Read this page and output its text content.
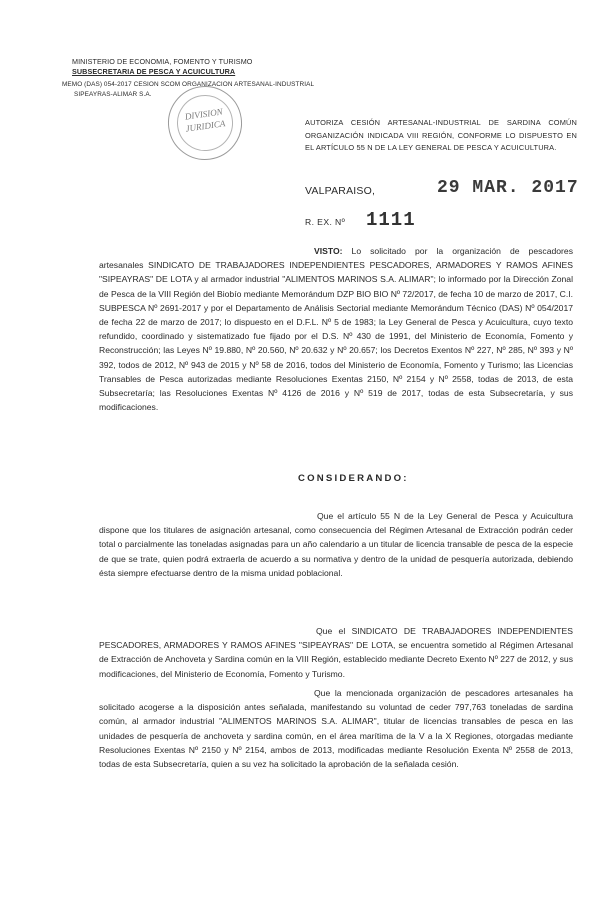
MINISTERIO DE ECONOMIA, FOMENTO Y TURISMO
SUBSECRETARIA DE PESCA Y ACUICULTURA
MEMO (DAS) 054-2017 CESION SCOM ORGANIZACION ARTESANAL-INDUSTRIAL
SIPEAYRAS-ALIMAR S.A.
DIVISION
JURIDICA	AUTORIZA CESIÓN ARTESANAL-INDUSTRIAL DE SARDINA COMÚN ORGANIZACIÓN INDICADA VIII REGIÓN, CONFORME LO DISPUESTO EN EL ARTÍCULO 55 N DE LA LEY GENERAL DE PESCA Y ACUICULTURA.
VALPARAISO,	29 MAR. 2017
R. EX. Nº 1111
VISTO: Lo solicitado por la organización de pescadores artesanales SINDICATO DE TRABAJADORES INDEPENDIENTES PESCADORES, ARMADORES Y RAMOS AFINES "SIPEAYRAS" DE LOTA y al armador industrial "ALIMENTOS MARINOS S.A. ALIMAR"; lo informado por la Dirección Zonal de Pesca de la VIII Región del Biobío mediante Memorándum DZP BIO BIO Nº 72/2017, de fecha 10 de marzo de 2017, C.I. SUBPESCA Nº 2691-2017 y por el Departamento de Análisis Sectorial mediante Memorándum Técnico (DAS) Nº 054/2017 de fecha 22 de marzo de 2017; lo dispuesto en el D.F.L. Nº 5 de 1983; la Ley General de Pesca y Acuicultura, cuyo texto refundido, coordinado y sistematizado fue fijado por el D.S. Nº 430 de 1991, del Ministerio de Economía, Fomento y Reconstrucción; las Leyes Nº 19.880, Nº 20.560, Nº 20.632 y Nº 20.657; los Decretos Exentos Nº 227, Nº 285, Nº 393 y Nº 392, todos de 2012, Nº 943 de 2015 y Nº 58 de 2016, todos del Ministerio de Economía, Fomento y Turismo; las Licencias Transables de Pesca autorizadas mediante Resoluciones Exentas 2150, Nº 2154 y Nº 2558, todas de 2013, de esta Subsecretaría; las Resoluciones Exentas Nº 4126 de 2016 y Nº 519 de 2017, todas de esta Subsecretaría, y sus modificaciones.
CONSIDERANDO:
Que el artículo 55 N de la Ley General de Pesca y Acuicultura dispone que los titulares de asignación artesanal, como consecuencia del Régimen Artesanal de Extracción podrán ceder total o parcialmente las toneladas asignadas para un año calendario a un titular de licencia transable de pesca de la especie de que se trate, quien podrá extraerla de acuerdo a su normativa y dentro de la unidad de pesquería autorizada, debiendo ésta siempre efectuarse dentro de la misma unidad poblacional.
Que el SINDICATO DE TRABAJADORES INDEPENDIENTES PESCADORES, ARMADORES Y RAMOS AFINES "SIPEAYRAS" DE LOTA, se encuentra sometido al Régimen Artesanal de Extracción de Anchoveta y Sardina común en la VIII Región, establecido mediante Decreto Exento Nº 227 de 2012, y sus modificaciones, del Ministerio de Economía, Fomento y Turismo.
Que la mencionada organización de pescadores artesanales ha solicitado acogerse a la disposición antes señalada, manifestando su voluntad de ceder 797,763 toneladas de sardina común, al armador industrial "ALIMENTOS MARINOS S.A. ALIMAR", titular de licencias transables de pesca en las unidades de pesquería de anchoveta y sardina común, en el área marítima de la V a la X Regiones, otorgadas mediante Resoluciones Exentas Nº 2150 y Nº 2154, ambos de 2013, modificadas mediante Resolución Exenta Nº 2558 de 2013, todas de esta Subsecretaría, quien a su vez ha solicitado la aprobación de la señalada cesión.
